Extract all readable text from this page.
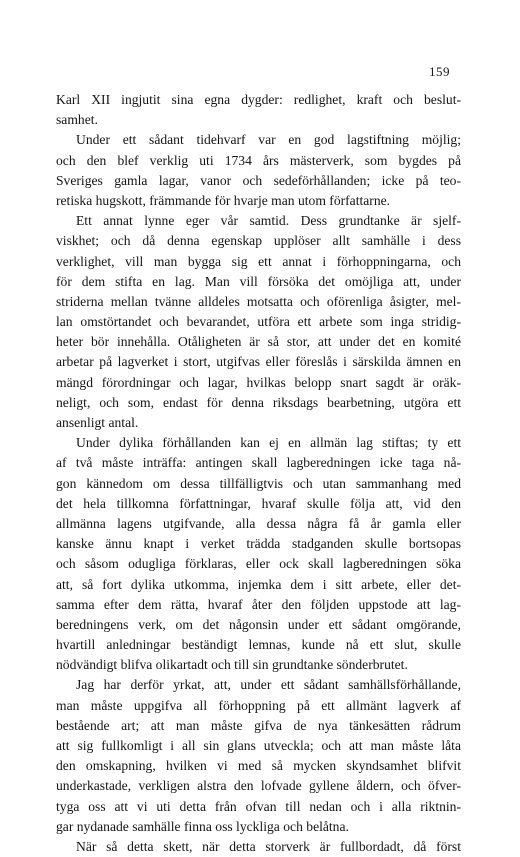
159
Karl XII ingjutit sina egna dygder: redlighet, kraft och beslut-
samhet.
Under ett sådant tidehvarf var en god lagstiftning möjlig;
och den blef verklig uti 1734 års mästerverk, som bygdes på
Sveriges gamla lagar, vanor och sedeförhållanden; icke på teo-
retiska hugskott, främmande för hvarje man utom författarne.
Ett annat lynne eger vår samtid. Dess grundtanke är sjelf-
viskhet; och då denna egenskap upplöser allt samhälle i dess
verklighet, vill man bygga sig ett annat i förhoppningarna, och
för dem stifta en lag. Man vill försöka det omöjliga att, under
striderna mellan tvänne alldeles motsatta och oförenliga åsigter, mel-
lan omstörtandet och bevarandet, utföra ett arbete som inga stridig-
heter bör innehålla. Otåligheten är så stor, att under det en komité
arbetar på lagverket i stort, utgifvas eller föreslås i särskilda ämnen en
mängd förordningar och lagar, hvilkas belopp snart sagdt är oräk-
neligt, och som, endast för denna riksdags bearbetning, utgöra ett
ansenligt antal.
Under dylika förhållanden kan ej en allmän lag stiftas; ty ett
af två måste inträffa: antingen skall lagberedningen icke taga nå-
gon kännedom om dessa tillfälligtvis och utan sammanhang med
det hela tillkomna författningar, hvaraf skulle följa att, vid den
allmänna lagens utgifvande, alla dessa några få år gamla eller
kanske ännu knapt i verket trädda stadganden skulle bortsopas
och såsom odugliga förklaras, eller ock skall lagberedningen söka
att, så fort dylika utkomma, injemka dem i sitt arbete, eller det-
samma efter dem rätta, hvaraf åter den följden uppstode att lag-
beredningens verk, om det någonsin under ett sådant omgörande,
hvartill anledningar beständigt lemnas, kunde nå ett slut, skulle
nödvändigt blifva olikartadt och till sin grundtanke sönderbrutet.
Jag har derför yrkat, att, under ett sådant samhällsförhållande,
man måste uppgifva all förhoppning på ett allmänt lagverk af
bestående art; att man måste gifva de nya tänkesätten rådrum
att sig fullkomligt i all sin glans utveckla; och att man måste låta
den omskapning, hvilken vi med så mycken skyndsamhet blifvit
underkastade, verkligen alstra den lofvade gyllene åldern, och öfver-
tyga oss att vi uti detta från ofvan till nedan och i alla riktnin-
gar nydanade samhälle finna oss lyckliga och belåtna.
När så detta skett, när detta storverk är fullbordadt, då först
